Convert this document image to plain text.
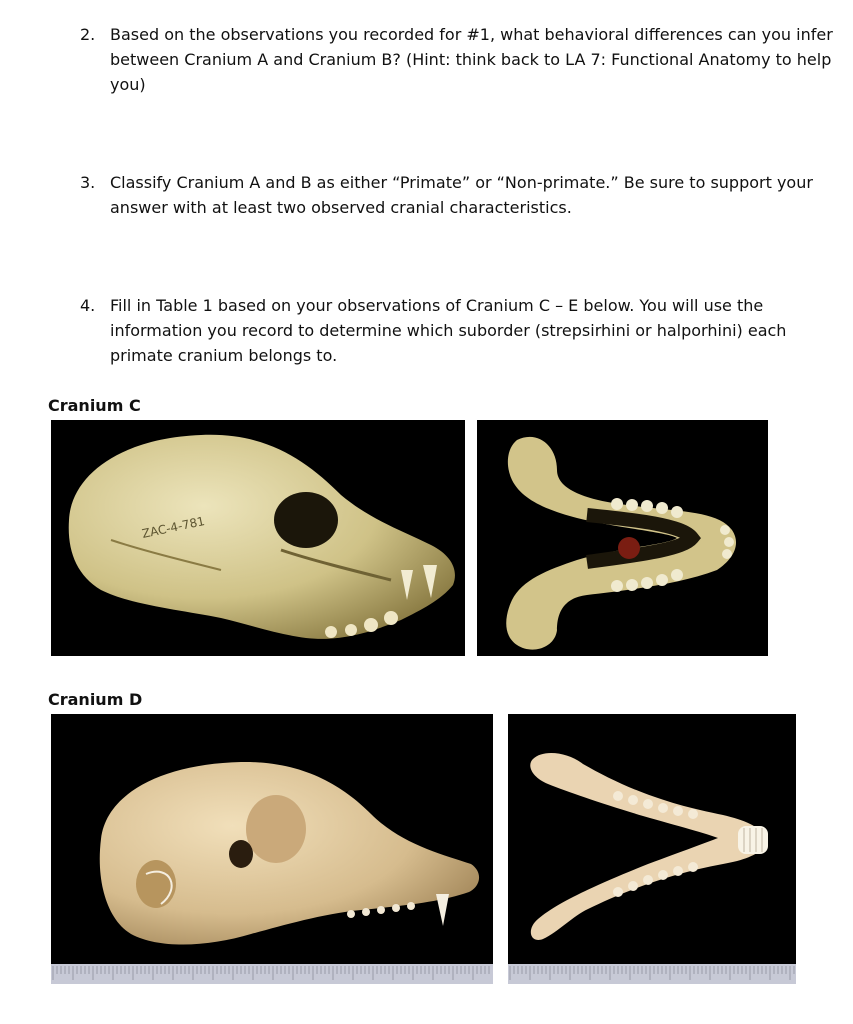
2. Based on the observations you recorded for #1, what behavioral differences can you infer between Cranium A and Cranium B? (Hint: think back to LA 7: Functional Anatomy to help you)
3. Classify Cranium A and B as either “Primate” or “Non-primate.” Be sure to support your answer with at least two observed cranial characteristics.
4. Fill in Table 1 based on your observations of Cranium C – E below. You will use the information you record to determine which suborder (strepsirhini or halporhini) each primate cranium belongs to.
Cranium C
ZAC-4-781
Cranium D
